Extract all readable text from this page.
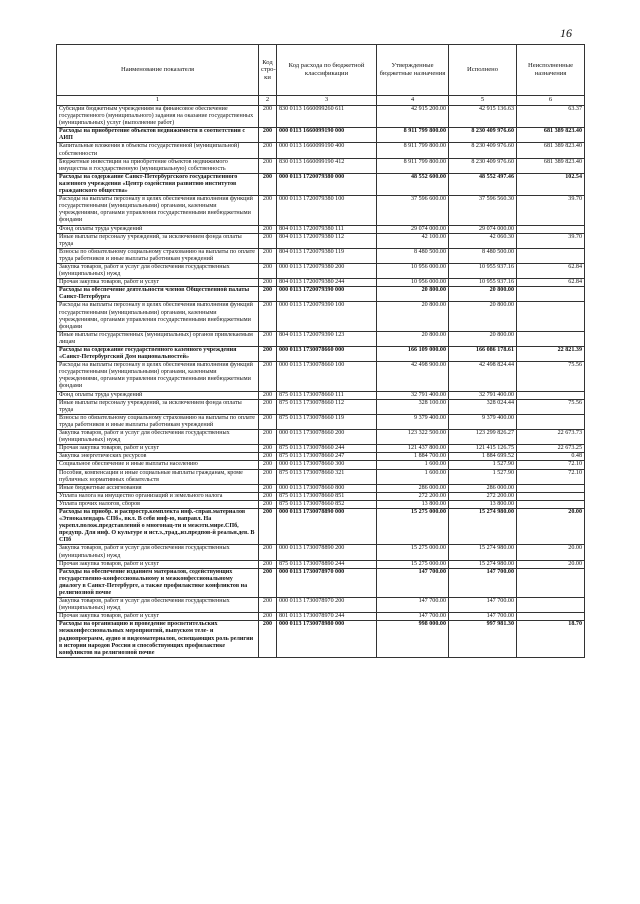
16
Наименование показателя	Код стро-ки	Код расхода по бюджетной классификации	Утвержденные бюджетные назначения	Исполнено	Неисполненные назначения
1	2	3	4	5	6
Субсидии бюджетным учреждениям на финансовое обеспечение государственного (муниципального) задания на оказание государственных (муниципальных) услуг (выполнение работ)	200	830 0113 1660099260 611	42 915 200.00	42 915 136.63	63.37
Расходы на приобретение объектов недвижимости в соответствии с АИП	200	000 0113 1660099190 000	8 911 799 800.00	8 230 409 976.60	681 389 823.40
Капитальные вложения в объекты государственной (муниципальной) собственности	200	000 0113 1660099190 400	8 911 799 800.00	8 230 409 976.60	681 389 823.40
Бюджетные инвестиции на приобретение объектов недвижимого имущества в государственную (муниципальную) собственность	200	830 0113 1660099190 412	8 911 799 800.00	8 230 409 976.60	681 389 823.40
Расходы на содержание Санкт-Петербургского государственного казенного учреждения «Центр содействия развитию институтов гражданского общества»	200	000 0113 1720079380 000	48 552 600.00	48 552 497.46	102.54
Расходы на выплаты персоналу в целях обеспечения выполнения функций государственными (муниципальными) органами, казенными учреждениями, органами управления государственными внебюджетными фондами	200	000 0113 1720079380 100	37 596 600.00	37 596 560.30	39.70
Фонд оплаты труда учреждений	200	804 0113 1720079380 111	29 074 000.00	29 074 000.00	
Иные выплаты персоналу учреждений, за исключением фонда оплаты труда	200	804 0113 1720079380 112	42 100.00	42 060.30	39.70
Взносы по обязательному социальному страхованию на выплаты по оплате труда работников и иные выплаты работникам учреждений	200	804 0113 1720079380 119	8 480 500.00	8 480 500.00	
Закупка товаров, работ и услуг для обеспечения государственных (муниципальных) нужд	200	000 0113 1720079380 200	10 956 000.00	10 955 937.16	62.84
Прочая закупка товаров, работ и услуг	200	804 0113 1720079380 244	10 956 000.00	10 955 937.16	62.84
Расходы на обеспечение деятельности членов Общественной палаты Санкт-Петербурга	200	000 0113 1720079390 000	20 800.00	20 800.00	
Расходы на выплаты персоналу в целях обеспечения выполнения функций государственными (муниципальными) органами, казенными учреждениями, органами управления государственными внебюджетными фондами	200	000 0113 1720079390 100	20 800.00	20 800.00	
Иные выплаты государственных (муниципальных) органов привлекаемым лицам	200	804 0113 1720079390 123	20 800.00	20 800.00	
Расходы на содержание государственного казенного учреждения «Санкт-Петербургский Дом национальностей»	200	000 0113 1730078660 000	166 109 000.00	166 086 178.61	22 821.39
Расходы на выплаты персоналу в целях обеспечения выполнения функций государственными (муниципальными) органами, казенными учреждениями, органами управления государственными внебюджетными фондами	200	000 0113 1730078660 100	42 498 900.00	42 498 824.44	75.56
Фонд оплаты труда учреждений	200	875 0113 1730078660 111	32 791 400.00	32 791 400.00	
Иные выплаты персоналу учреждений, за исключением фонда оплаты труда	200	875 0113 1730078660 112	328 100.00	328 024.44	75.56
Взносы по обязательному социальному страхованию на выплаты по оплате труда работников и иные выплаты работникам учреждений	200	875 0113 1730078660 119	9 379 400.00	9 379 400.00	
Закупка товаров, работ и услуг для обеспечения государственных (муниципальных) нужд	200	000 0113 1730078660 200	123 322 500.00	123 299 826.27	22 673.73
Прочая закупка товаров, работ и услуг	200	875 0113 1730078660 244	121 437 800.00	121 415 126.75	22 673.25
Закупка энергетических ресурсов	200	875 0113 1730078660 247	1 884 700.00	1 884 699.52	0.48
Социальное обеспечение и иные выплаты населению	200	000 0113 1730078660 300	1 600.00	1 527.90	72.10
Пособия, компенсации и иные социальные выплаты гражданам, кроме публичных нормативных обязательств	200	875 0113 1730078660 321	1 600.00	1 527.90	72.10
Иные бюджетные ассигнования	200	000 0113 1730078660 800	286 000.00	286 000.00	
Уплата налога на имущество организаций и земельного налога	200	875 0113 1730078660 851	272 200.00	272 200.00	
Уплата прочих налогов, сборов	200	875 0113 1730078660 852	13 800.00	13 800.00	
Расходы на приобр. и распростр.комплекта инф.-справ.материалов «Этнокалендарь СПб», вкл. В себя инф-ю, направл. На укрепл.полож.представлений о многонац-ти и межэтн.мире.СПб, предупр. Для инф. О культуре и ист.э.,трад.,из.предпов-й реальн.дев. В СПб	200	000 0113 1730078890 000	15 275 000.00	15 274 980.00	20.00
Закупка товаров, работ и услуг для обеспечения государственных (муниципальных) нужд	200	000 0113 1730078890 200	15 275 000.00	15 274 980.00	20.00
Прочая закупка товаров, работ и услуг	200	875 0113 1730078890 244	15 275 000.00	15 274 980.00	20.00
Расходы на обеспечение изданием материалов, содействующих государственно-конфессиональному и межконфессиональному диалогу в Санкт-Петербурге, а также профилактике конфликтов на религиозной почве	200	000 0113 1730078970 000	147 700.00	147 700.00	
Закупка товаров, работ и услуг для обеспечения государственных (муниципальных) нужд	200	000 0113 1730078970 200	147 700.00	147 700.00	
Прочая закупка товаров, работ и услуг	200	801 0113 1730078970 244	147 700.00	147 700.00	
Расходы на организацию и проведение просветительских межконфессиональных мероприятий, выпуском теле- и радиопрограмм, аудио и видеоматериалов, освещающих роль религии в истории народов России и способствующих профилактике конфликтов на религиозной почве	200	000 0113 1730078980 000	998 000.00	997 981.30	18.70
